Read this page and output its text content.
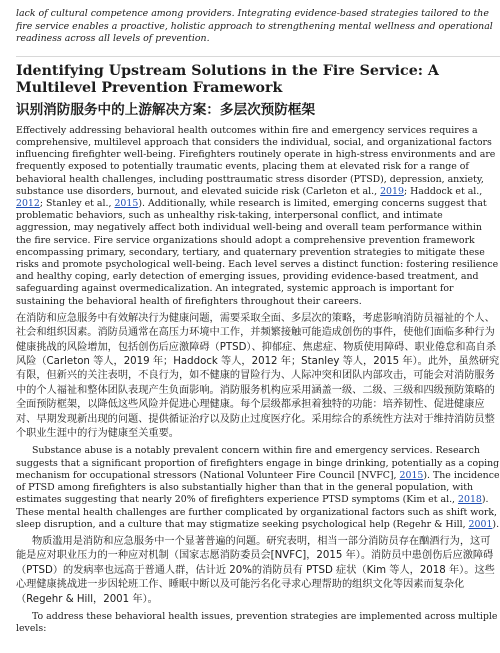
lack of cultural competence among providers. Integrating evidence-based strategies tailored to the fire service enables a proactive, holistic approach to strengthening mental wellness and operational readiness across all levels of prevention.

Identifying Upstream Solutions in the Fire Service: A Multilevel Prevention Framework
识别消防服务中的上游解决方案：多层次预防框架

Effectively addressing behavioral health outcomes within fire and emergency services requires a comprehensive, multilevel approach that considers the individual, social, and organizational factors influencing firefighter well-being. Firefighters routinely operate in high-stress environments and are frequently exposed to potentially traumatic events, placing them at elevated risk for a range of behavioral health challenges, including posttraumatic stress disorder (PTSD), depression, anxiety, substance use disorders, burnout, and elevated suicide risk (Carleton et al., 2019; Haddock et al., 2012; Stanley et al., 2015). Additionally, while research is limited, emerging concerns suggest that problematic behaviors, such as unhealthy risk-taking, interpersonal conflict, and intimate aggression, may negatively affect both individual well-being and overall team performance within the fire service. Fire service organizations should adopt a comprehensive prevention framework encompassing primary, secondary, tertiary, and quaternary prevention strategies to mitigate these risks and promote psychological well-being. Each level serves a distinct function: fostering resilience and healthy coping, early detection of emerging issues, providing evidence-based treatment, and safeguarding against overmedicalization. An integrated, systemic approach is important for sustaining the behavioral health of firefighters throughout their careers.

在消防和应急服务中有效解决行为健康问题，需要采取全面、多层次的策略，考虑影响消防员福祉的个人、社会和组织因素。消防员通常在高压力环境中工作，并频繁接触可能造成创伤的事件，使他们面临多种行为健康挑战的风险增加，包括创伤后应激障碍（PTSD）、抑郁症、焦虑症、物质使用障碍、职业倦怠和高自杀风险（Carleton 等人，2019 年；Haddock 等人，2012 年；Stanley 等人，2015 年）。此外，虽然研究有限，但新兴的关注表明，不良行为，如不健康的冒险行为、人际冲突和团队内部攻击，可能会对消防服务中的个人福祉和整体团队表现产生负面影响。消防服务机构应采用涵盖一级、二级、三级和四级预防策略的全面预防框架，以降低这些风险并促进心理健康。每个层级都承担着独特的功能：培养韧性、促进健康应对、早期发现新出现的问题、提供循证治疗以及防止过度医疗化。采用综合的系统性方法对于维持消防员整个职业生涯中的行为健康至关重要。

Substance abuse is a notably prevalent concern within fire and emergency services. Research suggests that a significant proportion of firefighters engage in binge drinking, potentially as a coping mechanism for occupational stressors (National Volunteer Fire Council [NVFC], 2015). The incidence of PTSD among firefighters is also substantially higher than that in the general population, with estimates suggesting that nearly 20% of firefighters experience PTSD symptoms (Kim et al., 2018). These mental health challenges are further complicated by organizational factors such as shift work, sleep disruption, and a culture that may stigmatize seeking psychological help (Regehr & Hill, 2001).

物质滥用是消防和应急服务中一个显著普遍的问题。研究表明，相当一部分消防员存在酗酒行为，这可能是应对职业压力的一种应对机制（国家志愿消防委员会[NVFC]，2015 年）。消防员中患创伤后应激障碍（PTSD）的发病率也远高于普通人群，估计近 20%的消防员有 PTSD 症状（Kim 等人，2018 年）。这些心理健康挑战进一步因轮班工作、睡眠中断以及可能污名化寻求心理帮助的组织文化等因素而复杂化（Regehr & Hill，2001 年）。

To address these behavioral health issues, prevention strategies are implemented across multiple levels:
